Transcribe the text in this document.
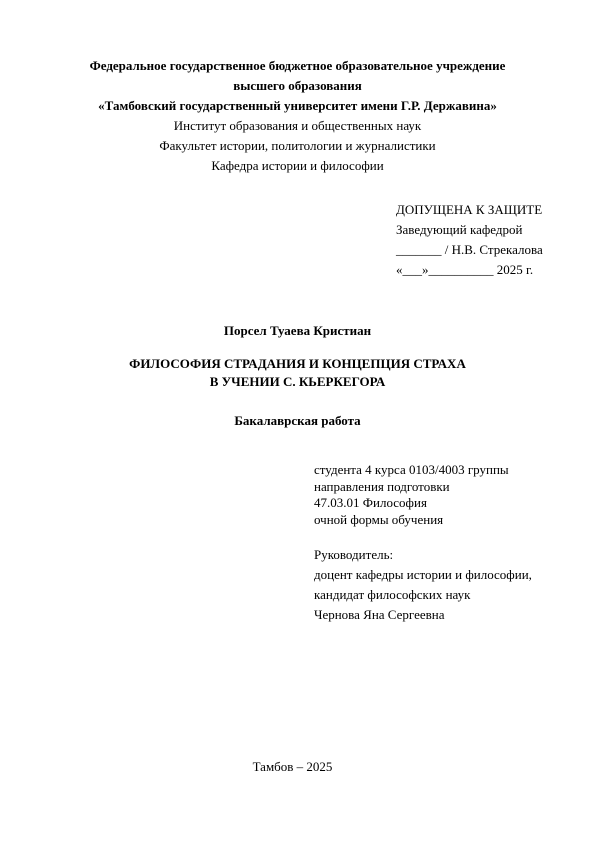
Федеральное государственное бюджетное образовательное учреждение
высшего образования
«Тамбовский государственный университет имени Г.Р. Державина»
Институт образования и общественных наук
Факультет истории, политологии и журналистики
Кафедра истории и философии
ДОПУЩЕНА К ЗАЩИТЕ
Заведующий кафедрой
_______ / Н.В. Стрекалова
«___»__________ 2025 г.
Порсел Туаева Кристиан
ФИЛОСОФИЯ СТРАДАНИЯ И КОНЦЕПЦИЯ СТРАХА
В УЧЕНИИ С. КЬЕРКЕГОРА
Бакалаврская работа
студента 4 курса 0103/4003 группы
направления подготовки
47.03.01 Философия
очной формы обучения
Руководитель:
доцент кафедры истории и философии,
кандидат философских наук
Чернова Яна Сергеевна
Тамбов – 2025
